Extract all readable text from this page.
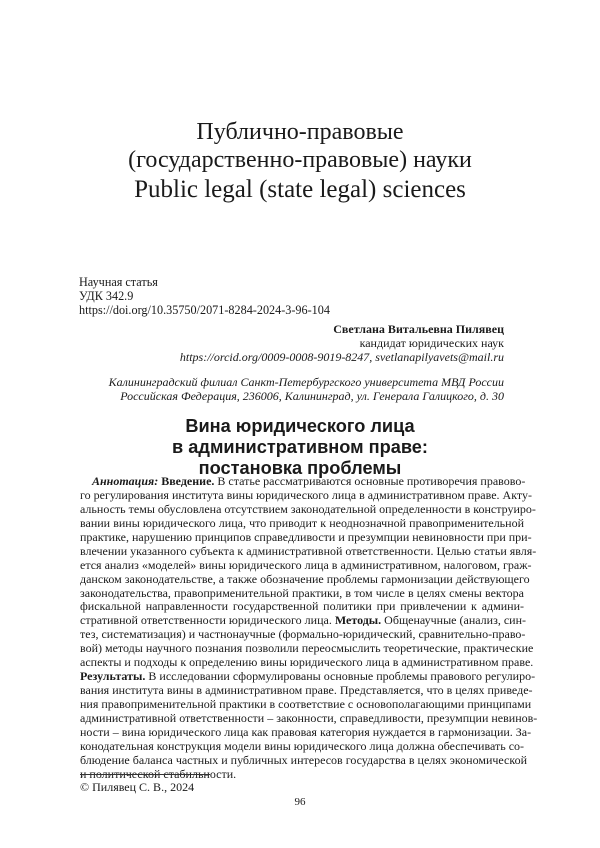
Публично-правовые
(государственно-правовые) науки
Public legal (state legal) sciences
Научная статья
УДК 342.9
https://doi.org/10.35750/2071-8284-2024-3-96-104
Светлана Витальевна Пилявец
кандидат юридических наук
https://orcid.org/0009-0008-9019-8247, svetlanapilyavets@mail.ru
Калининградский филиал Санкт-Петербургского университета МВД России
Российская Федерация, 236006, Калининград, ул. Генерала Галицкого, д. 30
Вина юридического лица
в административном праве:
постановка проблемы
Аннотация: Введение. В статье рассматриваются основные противоречия правово-
го регулирования института вины юридического лица в административном праве. Акту-
альность темы обусловлена отсутствием законодательной определенности в конструиро-
вании вины юридического лица, что приводит к неоднозначной правоприменительной
практике, нарушению принципов справедливости и презумпции невиновности при при-
влечении указанного субъекта к административной ответственности. Целью статьи явля-
ется анализ «моделей» вины юридического лица в административном, налоговом, граж-
данском законодательстве, а также обозначение проблемы гармонизации действующего
законодательства, правоприменительной практики, в том числе в целях смены вектора
фискальной направленности государственной политики при привлечении к админи-
стративной ответственности юридического лица. Методы. Общенаучные (анализ, син-
тез, систематизация) и частнонаучные (формально-юридический, сравнительно-право-
вой) методы научного познания позволили переосмыслить теоретические, практические
аспекты и подходы к определению вины юридического лица в административном праве.
Результаты. В исследовании сформулированы основные проблемы правового регулиро-
вания института вины в административном праве. Представляется, что в целях приведе-
ния правоприменительной практики в соответствие с основополагающими принципами
административной ответственности – законности, справедливости, презумпции невинов-
ности – вина юридического лица как правовая категория нуждается в гармонизации. За-
конодательная конструкция модели вины юридического лица должна обеспечивать со-
блюдение баланса частных и публичных интересов государства в целях экономической
и политической стабильности.
© Пилявец С. В., 2024
96
